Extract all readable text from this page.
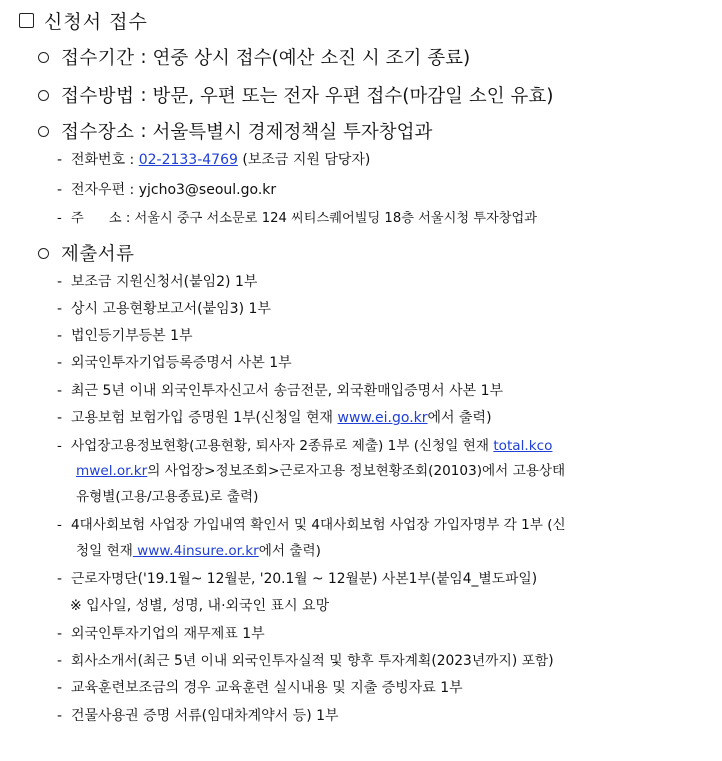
신청서 접수
접수기간 : 연중 상시 접수(예산 소진 시 조기 종료)
접수방법 : 방문, 우편 또는 전자 우편 접수(마감일 소인 유효)
접수장소 : 서울특별시 경제정책실 투자창업과
- 전화번호 : 02-2133-4769 (보조금 지원 담당자)
- 전자우편 : yjcho3@seoul.go.kr
- 주      소 : 서울시 중구 서소문로 124 씨티스퀘어빌딩 18층 서울시청 투자창업과
제출서류
- 보조금 지원신청서(붙임2) 1부
- 상시 고용현황보고서(붙임3) 1부
- 법인등기부등본 1부
- 외국인투자기업등록증명서 사본 1부
- 최근 5년 이내 외국인투자신고서 송금전문, 외국환매입증명서 사본 1부
- 고용보험 보험가입 증명원 1부(신청일 현재 www.ei.go.kr에서 출력)
- 사업장고용정보현황(고용현황, 퇴사자 2종류로 제출) 1부 (신청일 현재 total.kco
mwel.or.kr의 사업장>정보조회>근로자고용 정보현황조회(20103)에서 고용상태
유형별(고용/고용종료)로 출력)
- 4대사회보험 사업장 가입내역 확인서 및 4대사회보험 사업장 가입자명부 각 1부 (신
청일 현재 www.4insure.or.kr에서 출력)
- 근로자명단('19.1월~ 12월분, '20.1월 ~ 12월분) 사본1부(붙임4_별도파일)
※ 입사일, 성별, 성명, 내·외국인 표시 요망
- 외국인투자기업의 재무제표 1부
- 회사소개서(최근 5년 이내 외국인투자실적 및 향후 투자계획(2023년까지) 포함)
- 교육훈련보조금의 경우 교육훈련 실시내용 및 지출 증빙자료 1부
- 건물사용권 증명 서류(임대차계약서 등) 1부
